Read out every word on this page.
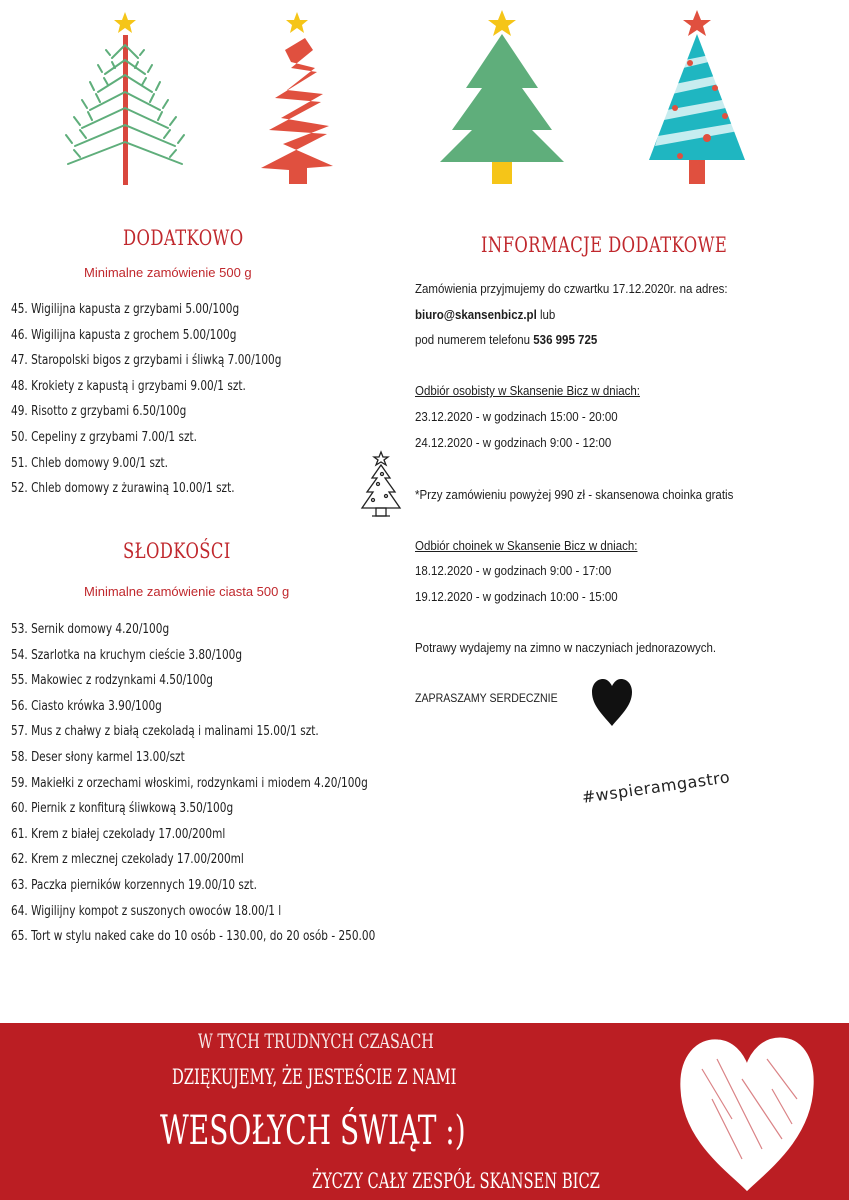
DODATKOWO
Minimalne zamówienie 500 g
45. Wigilijna kapusta z grzybami 5.00/100g
46. Wigilijna kapusta z grochem 5.00/100g
47. Staropolski bigos z grzybami i śliwką 7.00/100g
48. Krokiety z kapustą i grzybami 9.00/1 szt.
49. Risotto z grzybami 6.50/100g
50. Cepeliny z grzybami 7.00/1 szt.
51. Chleb domowy 9.00/1 szt.
52. Chleb domowy z żurawiną 10.00/1 szt.
SŁODKOŚCI
Minimalne zamówienie ciasta 500 g
53. Sernik domowy 4.20/100g
54. Szarlotka na kruchym cieście 3.80/100g
55. Makowiec z rodzynkami 4.50/100g
56. Ciasto krówka 3.90/100g
57. Mus z chałwy z białą czekoladą i malinami 15.00/1 szt.
58. Deser słony karmel 13.00/szt
59. Makiełki z orzechami włoskimi, rodzynkami i miodem 4.20/100g
60. Piernik z konfiturą śliwkową 3.50/100g
61. Krem z białej czekolady 17.00/200ml
62. Krem z mlecznej czekolady 17.00/200ml
63. Paczka pierników korzennych 19.00/10 szt.
64. Wigilijny kompot z suszonych owoców 18.00/1 l
65. Tort w stylu naked cake do 10 osób - 130.00, do 20 osób - 250.00
INFORMACJE DODATKOWE
Zamówienia przyjmujemy do czwartku 17.12.2020r. na adres:
biuro@skansenbicz.pl lub
pod numerem telefonu 536 995 725
Odbiór osobisty w Skansenie Bicz w dniach:
23.12.2020 - w godzinach 15:00 - 20:00
24.12.2020 - w godzinach 9:00 - 12:00
*Przy zamówieniu powyżej 990 zł - skansenowa choinka gratis
Odbiór choinek w Skansenie Bicz w dniach:
18.12.2020 - w godzinach 9:00 - 17:00
19.12.2020 - w godzinach 10:00 - 15:00
Potrawy wydajemy na zimno w naczyniach jednorazowych.
ZAPRASZAMY SERDECZNIE
#wspieramgastro
W TYCH TRUDNYCH CZASACH
DZIĘKUJEMY, ŻE JESTEŚCIE Z NAMI
WESOŁYCH ŚWIĄT :)
ŻYCZY CAŁY ZESPÓŁ SKANSEN BICZ
